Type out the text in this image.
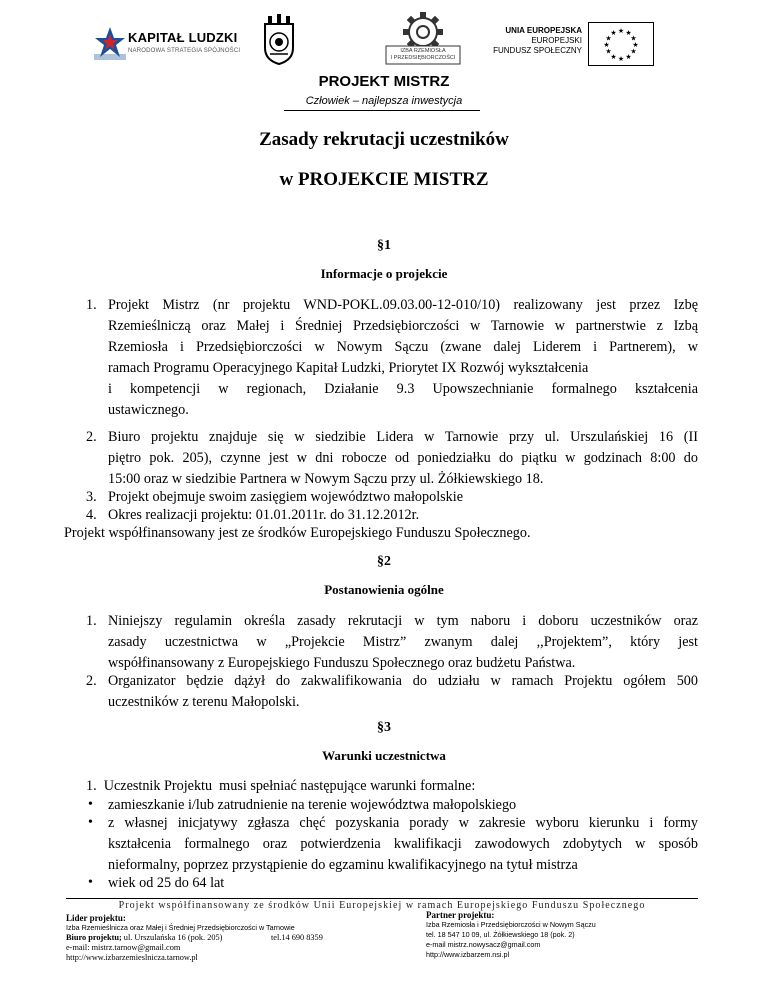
KAPITAŁ LUDZKI
NARODOWA STRATEGIA SPÓJNOŚCI	IZBA RZEMIOSŁA
I PRZEDSIĘBIORCZOŚCI
UNIA EUROPEJSKA
EUROPEJSKI
FUNDUSZ SPOŁECZNY
★ ★
★
★
★
★
★
★
★
★
★
★
PROJEKT MISTRZ
Człowiek – najlepsza inwestycja
Zasady rekrutacji uczestników
w PROJEKCIE MISTRZ
§1
Informacje o projekcie
1. Projekt Mistrz (nr projektu WND-POKL.09.03.00-12-010/10) realizowany jest przez Izbę
Rzemieślniczą oraz Małej i Średniej Przedsiębiorczości w Tarnowie w partnerstwie z Izbą
Rzemiosła i Przedsiębiorczości w Nowym Sączu (zwane dalej Liderem i Partnerem), w
ramach Programu Operacyjnego Kapitał Ludzki, Priorytet IX Rozwój wykształcenia
i kompetencji w regionach, Działanie 9.3 Upowszechnianie formalnego kształcenia
ustawicznego.
2. Biuro projektu znajduje się w siedzibie Lidera w Tarnowie przy ul. Urszulańskiej 16 (II
piętro pok. 205), czynne jest w dni robocze od poniedziałku do piątku w godzinach 8:00 do
15:00 oraz w siedzibie Partnera w Nowym Sączu przy ul. Żółkiewskiego 18.
3. Projekt obejmuje swoim zasięgiem województwo małopolskie
4. Okres realizacji projektu: 01.01.2011r. do 31.12.2012r.
Projekt współfinansowany jest ze środków Europejskiego Funduszu Społecznego.
§2
Postanowienia ogólne
1. Niniejszy regulamin określa zasady rekrutacji w tym naboru i doboru uczestników oraz
zasady uczestnictwa w „Projekcie Mistrz” zwanym dalej ,,Projektem”, który jest
współfinansowany z Europejskiego Funduszu Społecznego oraz budżetu Państwa.
2. Organizator będzie dążył do zakwalifikowania do udziału w ramach Projektu ogółem 500
uczestników z terenu Małopolski.
§3
Warunki uczestnictwa
1.  Uczestnik Projektu  musi spełniać następujące warunki formalne:
• zamieszkanie i/lub zatrudnienie na terenie województwa małopolskiego
• z własnej inicjatywy zgłasza chęć pozyskania porady w zakresie wyboru kierunku i formy
kształcenia formalnego oraz potwierdzenia kwalifikacji zawodowych zdobytych w sposób
nieformalny, poprzez przystąpienie do egzaminu kwalifikacyjnego na tytuł mistrza
• wiek od 25 do 64 lat
Projekt współfinansowany ze środków Unii Europejskiej w ramach Europejskiego Funduszu Społecznego
Lider projektu:
Izba Rzemieślnicza oraz Małej i Średniej Przedsiębiorczości w Tarnowie
Biuro projektu; ul. Urszulańska 16 (pok. 205)	tel.14 690 8359
e-mail: mistrz.tarnow@gmail.com
http://www.izbarzemieslnicza.tarnow.pl
Partner projektu:
Izba Rzemiosła i Przedsiębiorczości w Nowym Sączu
tel. 18 547 10 09, ul. Żółkiewskiego 18 (pok. 2)
e-mail mistrz.nowysacz@gmail.com
http://www.izbarzem.nsi.pl
